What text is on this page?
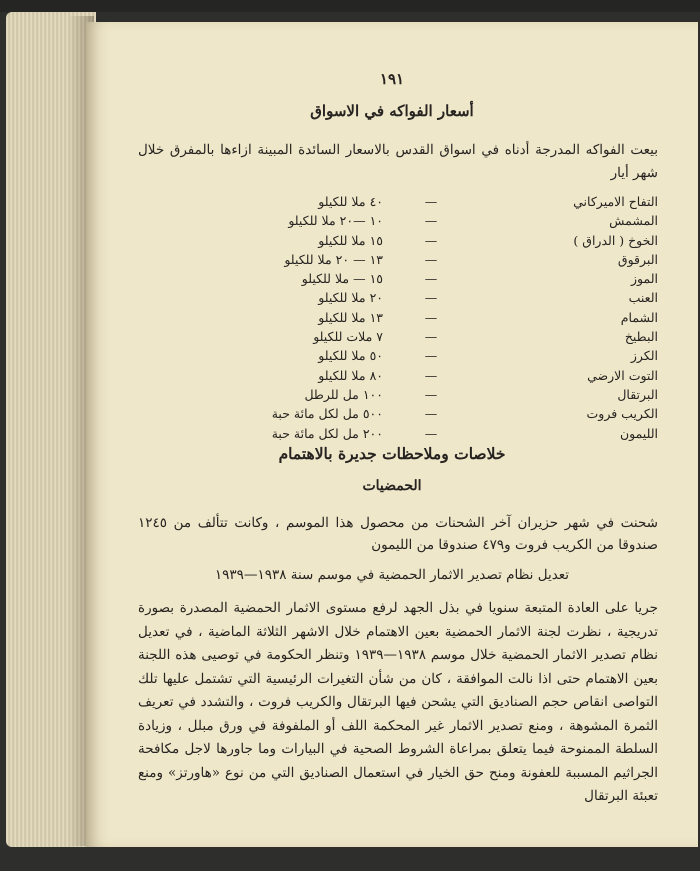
١٩١
أسعار الفواكه في الاسواق
بيعت الفواكه المدرجة أدناه في اسواق القدس بالاسعار السائدة المبينة ازاءها بالمفرق خلال شهر أيار
التفاح الاميركاني
—
٤٠ ملا للكيلو
المشمش
—
١٠ —٢٠ ملا للكيلو
الخوخ ( الدراق )
—
١٥ ملا للكيلو
البرقوق
—
١٣ — ٢٠ ملا للكيلو
الموز
—
١٥ — ملا للكيلو
العنب
—
٢٠ ملا للكيلو
الشمام
—
١٣ ملا للكيلو
البطيخ
—
٧ ملات للكيلو
الكرز
—
٥٠ ملا للكيلو
التوت الارضي
—
٨٠ ملا للكيلو
البرتقال
—
١٠٠ مل للرطل
الكريب فروت
—
٥٠٠ مل لكل مائة حبة
الليمون
—
٢٠٠ مل لكل مائة حبة
خلاصات وملاحظات جديرة بالاهتمام
الحمضيات
شحنت في شهر حزيران آخر الشحنات من محصول هذا الموسم ، وكانت تتألف من ١٢٤٥ صندوقا من الكريب فروت و٤٧٩ صندوقا من الليمون
تعديل نظام تصدير الاثمار الحمضية في موسم سنة ١٩٣٨—١٩٣٩
جريا على العادة المتبعة سنويا في بذل الجهد لرفع مستوى الاثمار الحمضية المصدرة بصورة تدريجية ، نظرت لجنة الاثمار الحمضية بعين الاهتمام خلال الاشهر الثلاثة الماضية ، في تعديل نظام تصدير الاثمار الحمضية خلال موسم ١٩٣٨—١٩٣٩ وتنظر الحكومة في توصيى هذه اللجنة بعين الاهتمام حتى اذا نالت الموافقة ، كان من شأن التغيرات الرئيسية التي تشتمل عليها تلك التواصى انقاص حجم الصناديق التي يشحن فيها البرتقال والكريب فروت ، والتشدد في تعريف الثمرة المشوهة ، ومنع تصدير الاثمار غير المحكمة اللف أو الملفوفة في ورق مبلل ، وزيادة السلطة الممنوحة فيما يتعلق بمراعاة الشروط الصحية في البيارات وما جاورها لاجل مكافحة الجراثيم المسببة للعفونة ومنح حق الخيار في استعمال الصناديق التي من نوع «هاورتز» ومنع تعبئة البرتقال
